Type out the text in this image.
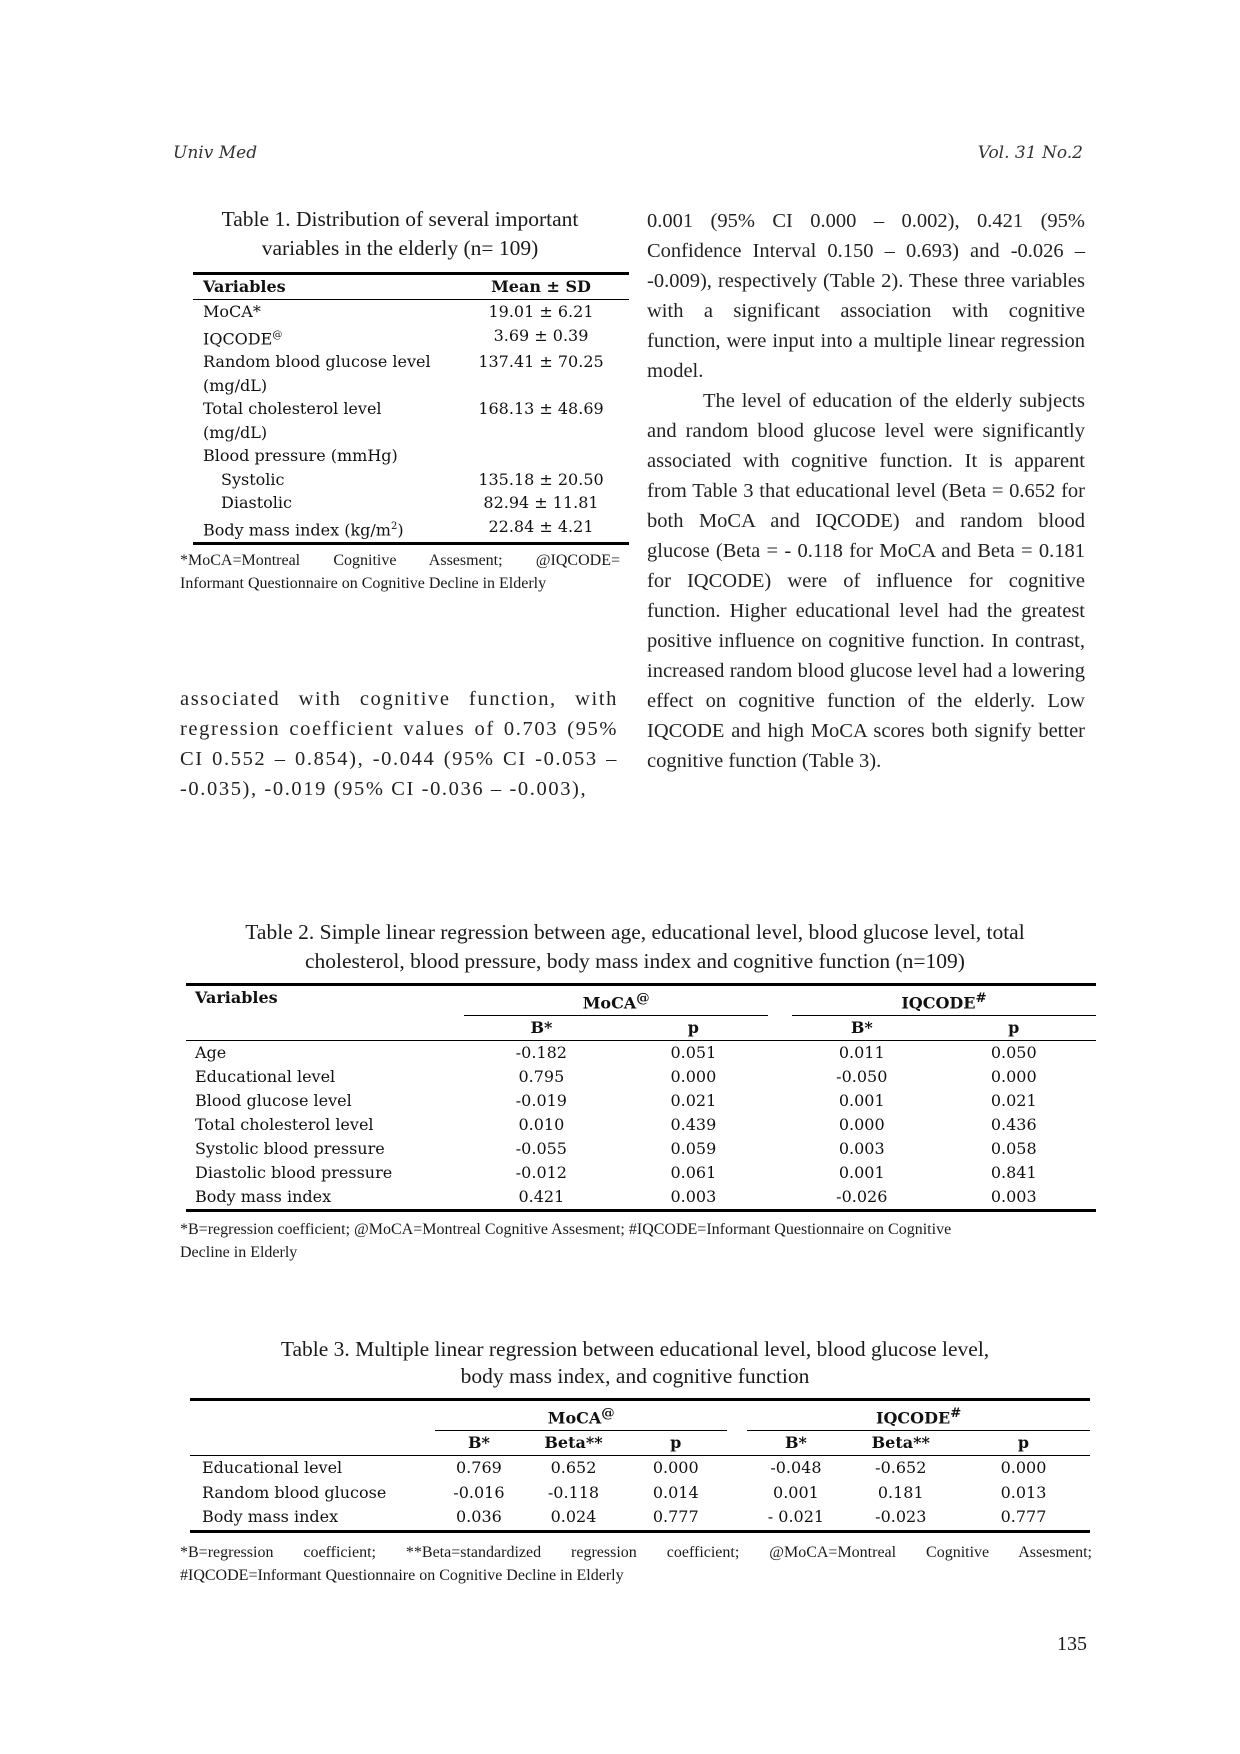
Univ Med	Vol. 31 No.2
Table 1. Distribution of several important
variables in the elderly (n= 109)
Variables	Mean ± SD
MoCA*	19.01 ± 6.21
IQCODE@	3.69 ± 0.39
Random blood glucose level	137.41 ± 70.25
(mg/dL)	
Total cholesterol level	168.13 ± 48.69
(mg/dL)	
Blood pressure (mmHg)	
Systolic	135.18 ± 20.50
Diastolic	82.94 ± 11.81
Body mass index $(kg/m^2)$	22.84 ± 4.21
*MoCA=Montreal Cognitive Assesment; @IQCODE=
Informant Questionnaire on Cognitive Decline in Elderly

associated with cognitive function, with regression coefficient values of 0.703 (95% CI 0.552 – 0.854), -0.044 (95% CI -0.053 – -0.035), -0.019 (95% CI -0.036 – -0.003),

0.001 (95% CI 0.000 – 0.002), 0.421 (95% Confidence Interval 0.150 – 0.693) and -0.026 – -0.009), respectively (Table 2). These three variables with a significant association with cognitive function, were input into a multiple linear regression model.

The level of education of the elderly subjects and random blood glucose level were significantly associated with cognitive function. It is apparent from Table 3 that educational level (Beta = 0.652 for both MoCA and IQCODE) and random blood glucose (Beta = - 0.118 for MoCA and Beta = 0.181 for IQCODE) were of influence for cognitive function. Higher educational level had the greatest positive influence on cognitive function. In contrast, increased random blood glucose level had a lowering effect on cognitive function of the elderly. Low IQCODE and high MoCA scores both signify better cognitive function (Table 3).

Table 2. Simple linear regression between age, educational level, blood glucose level, total
cholesterol, blood pressure, body mass index and cognitive function (n=109)
Variables	MoCA@			IQCODE#
	B*	p		B*	p
Age	-0.182	0.051		0.011	0.050
Educational level	0.795	0.000		-0.050	0.000
Blood glucose level	-0.019	0.021		0.001	0.021
Total cholesterol level	0.010	0.439		0.000	0.436
Systolic blood pressure	-0.055	0.059		0.003	0.058
Diastolic blood pressure	-0.012	0.061		0.001	0.841
Body mass index	0.421	0.003		-0.026	0.003
*B=regression coefficient; @MoCA=Montreal Cognitive Assesment; #IQCODE=Informant Questionnaire on Cognitive
Decline in Elderly
Table 3. Multiple linear regression between educational level, blood glucose level,
body mass index, and cognitive function
	MoCA@				IQCODE#
	B*	Beta**	p		B*	Beta**	p
Educational level	0.769	0.652	0.000		-0.048	-0.652	0.000
Random blood glucose	-0.016	-0.118	0.014		0.001	0.181	0.013
Body mass index	0.036	0.024	0.777		- 0.021	-0.023	0.777
*B=regression coefficient; **Beta=standardized regression coefficient; @MoCA=Montreal Cognitive Assesment;
#IQCODE=Informant Questionnaire on Cognitive Decline in Elderly
135
